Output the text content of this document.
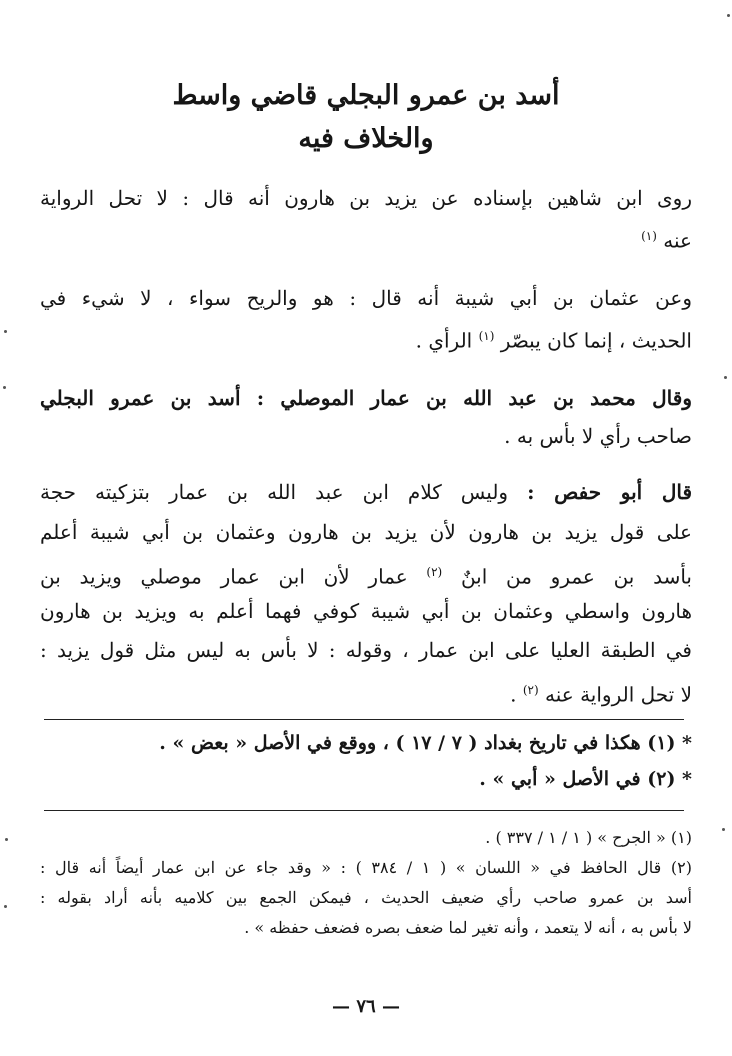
أسد بن عمرو البجلي قاضي واسط
والخلاف فيه
روى ابن شاهين بإسناده عن يزيد بن هارون أنه قال : لا تحل الرواية
عنه $^{(١)}$
وعن عثمان بن أبي شيبة أنه قال : هو والريح سواء ، لا شيء في
الحديث ، إنما كان يبصّر $^{(١)}$ الرأي .
وقال محمد بن عبد الله بن عمار الموصلي : أسد بن عمرو البجلي
صاحب رأي لا بأس به .
قال أبو حفص : وليس كلام ابن عبد الله بن عمار بتزكيته حجة
على قول يزيد بن هارون لأن يزيد بن هارون وعثمان بن أبي شيبة أعلم
بأسد بن عمرو من ابنٌ $^{(٢)}$ عمار لأن ابن عمار موصلي ويزيد بن
هارون واسطي وعثمان بن أبي شيبة كوفي فهما أعلم به ويزيد بن هارون
في الطبقة العليا على ابن عمار ، وقوله : لا بأس به ليس مثل قول يزيد :
لا تحل الرواية عنه $^{(٢)}$ .
* (١) هكذا في تاريخ بغداد ( ٧ / ١٧ ) ، ووقع في الأصل « بعض » .
* (٢) في الأصل « أبي » .
(١) « الجرح » ( ١ / ١ / ٣٣٧ ) .
(٢) قال الحافظ في « اللسان » ( ١ / ٣٨٤ ) : « وقد جاء عن ابن عمار أيضاً أنه قال :
أسد بن عمرو صاحب رأي ضعيف الحديث ، فيمكن الجمع بين كلاميه بأنه أراد بقوله :
لا بأس به ، أنه لا يتعمد ، وأنه تغير لما ضعف بصره فضعف حفظه » .
— ٧٦ —
